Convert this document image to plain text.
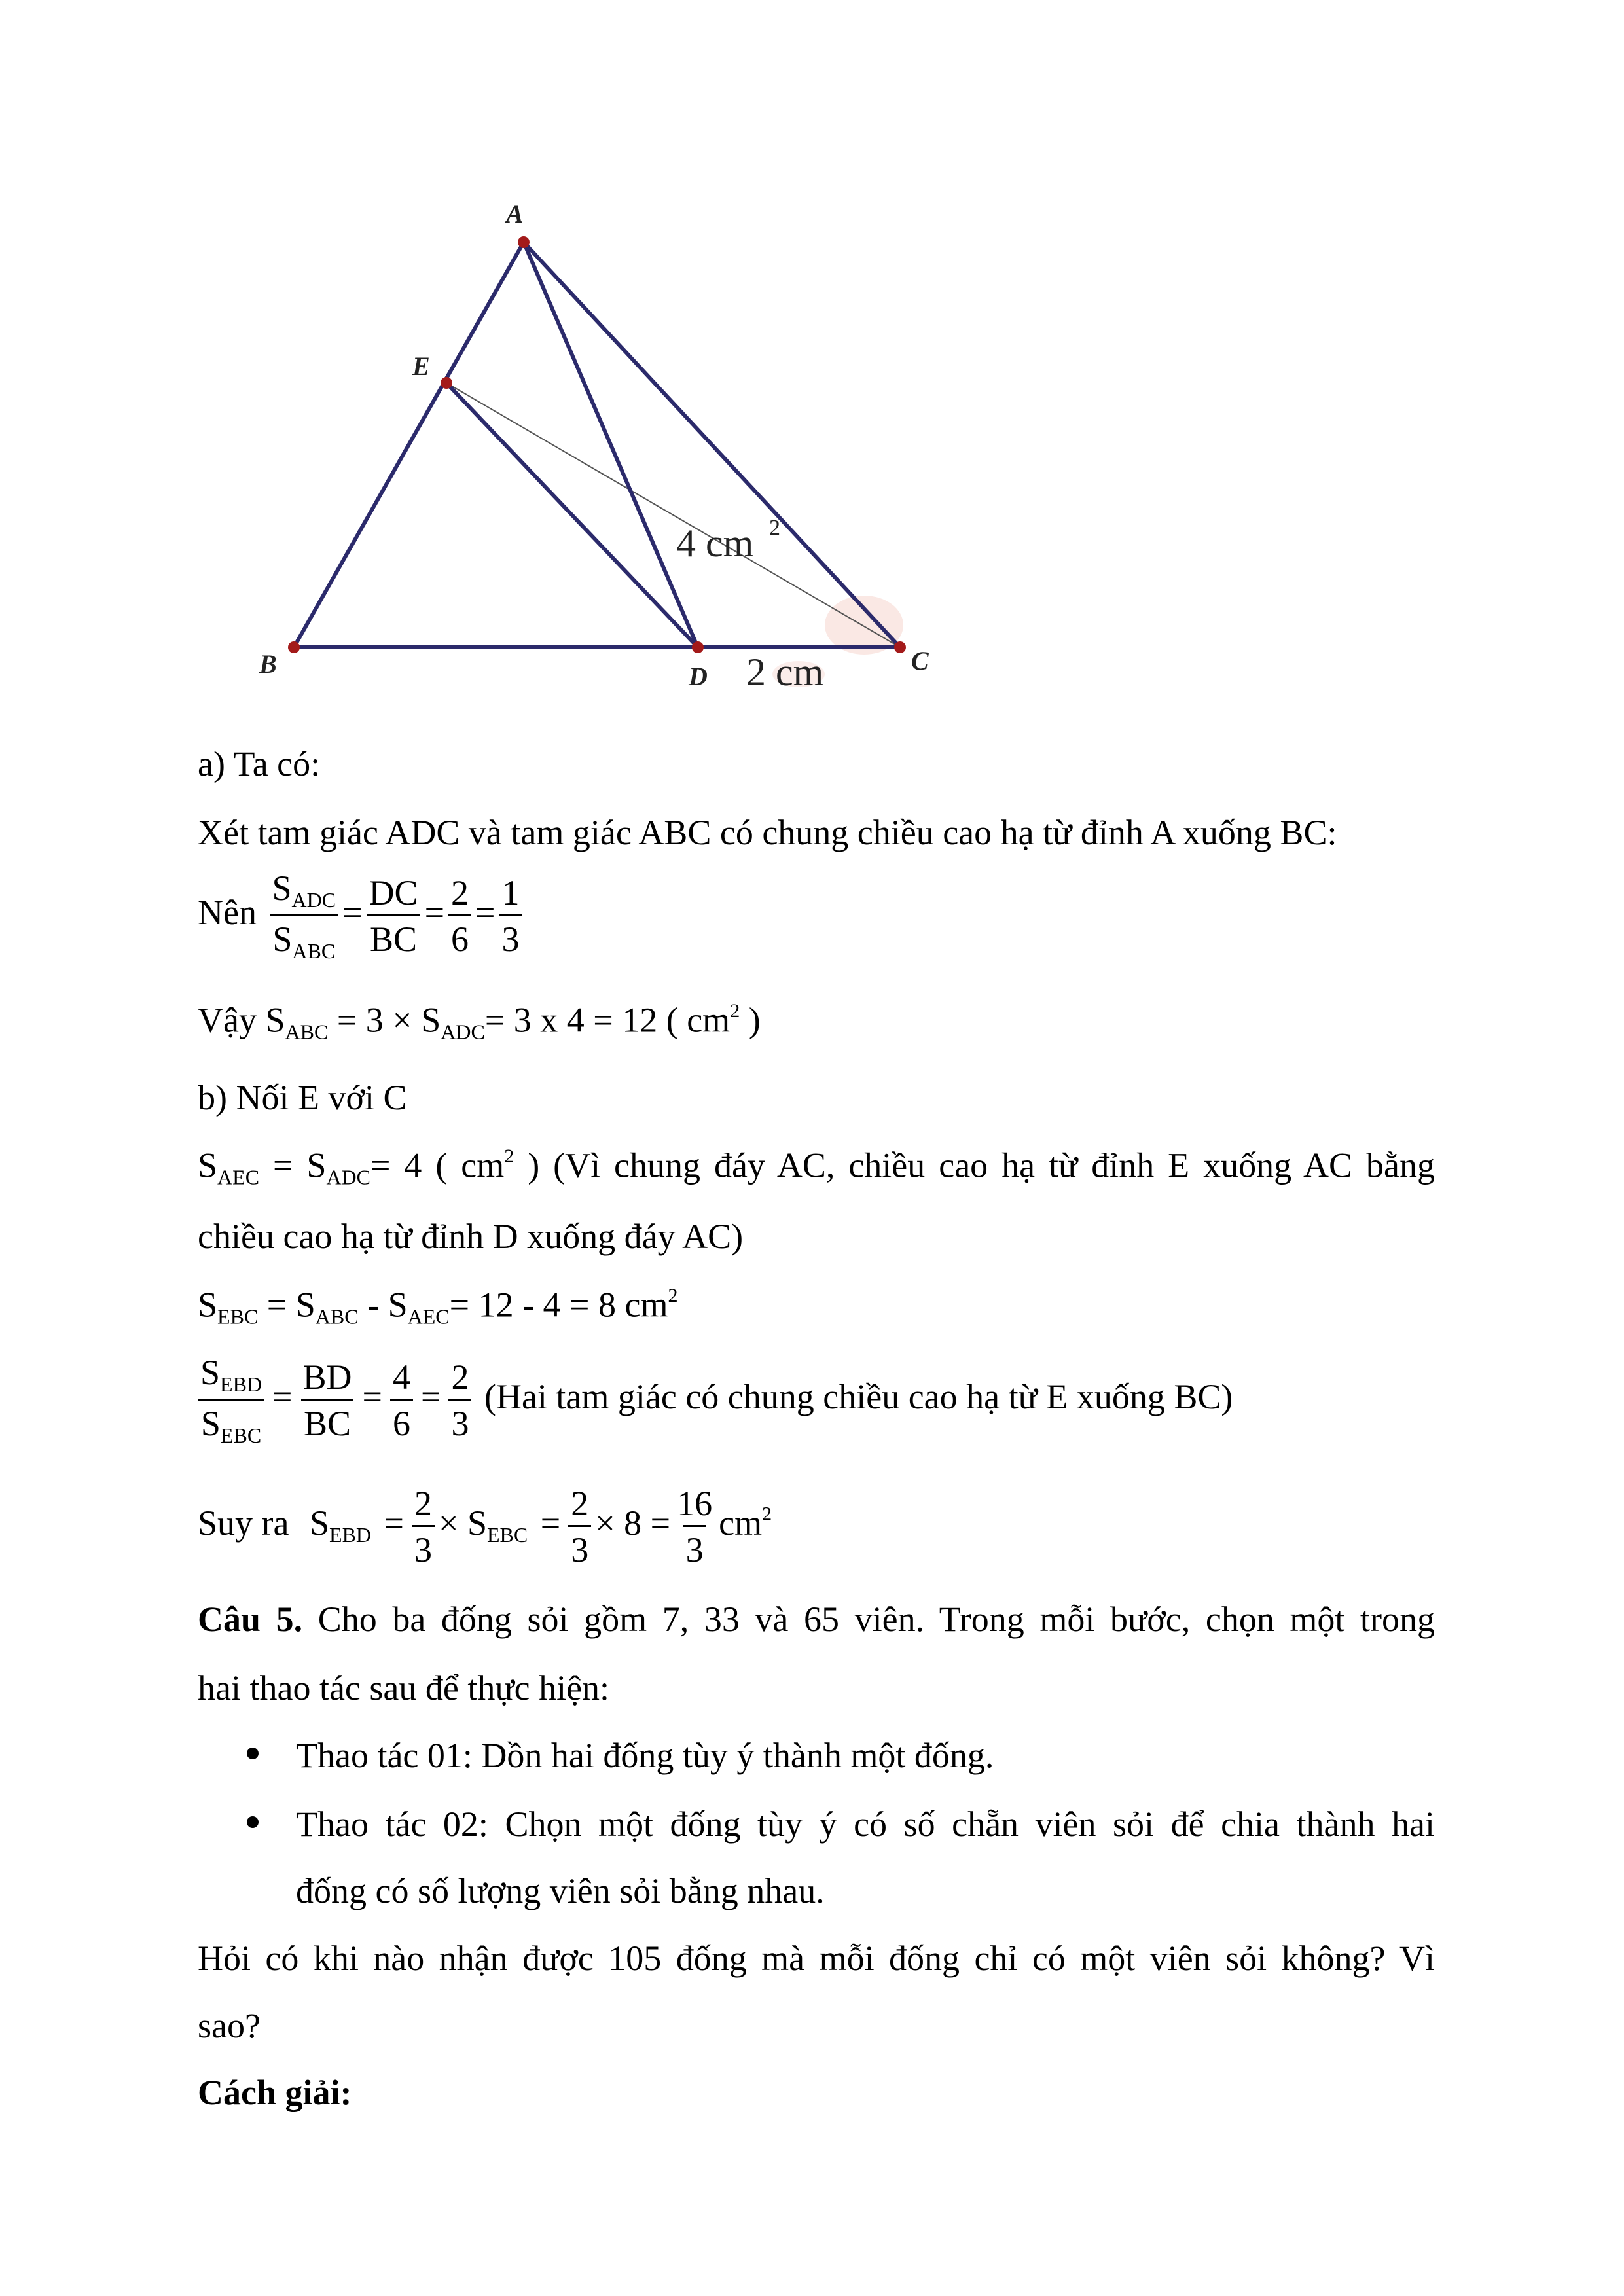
A
E
B	D
C
4 cm 2
2 cm
a) Ta có:
Xét tam giác ADC và tam giác ABC có chung chiều cao hạ từ đỉnh A xuống BC:
Nên $\frac{S_{ADC}}{S_{ABC}} = \frac{DC}{BC} = \frac{2}{6} = \frac{1}{3}$
Vậy $S_{ABC} = 3 \times S_{ADC}= 3$ x 4 = 12 ( $cm^2$ )
b) Nối E với C
$S_{AEC} = S_{ADC}= 4$ ( $cm^2$ ) (Vì chung đáy AC, chiều cao hạ từ đỉnh E xuống AC bằng
chiều cao hạ từ đỉnh D xuống đáy AC)
$S_{EBC} = S_{ABC} - S_{AEC}= 12 - 4 = 8$ $cm^2$
$\frac{S_{EBD}}{S_{EBC}} = \frac{BD}{BC} = \frac{4}{6} = \frac{2}{3} (Hai$ tam giác có chung chiều cao hạ từ E xuống BC)
Suy ra $S_{EBD} = \frac{2}{3} \times S_{EBC} = \frac{2}{3} \times 8 = \frac{16}{3} cm^2$
Câu 5. Cho ba đống sỏi gồm 7, 33 và 65 viên. Trong mỗi bước, chọn một trong
hai thao tác sau để thực hiện:
Thao tác 01: Dồn hai đống tùy ý thành một đống.
Thao tác 02: Chọn một đống tùy ý có số chẵn viên sỏi để chia thành hai
đống có số lượng viên sỏi bằng nhau.
Hỏi có khi nào nhận được 105 đống mà mỗi đống chỉ có một viên sỏi không? Vì
sao?
Cách giải:
